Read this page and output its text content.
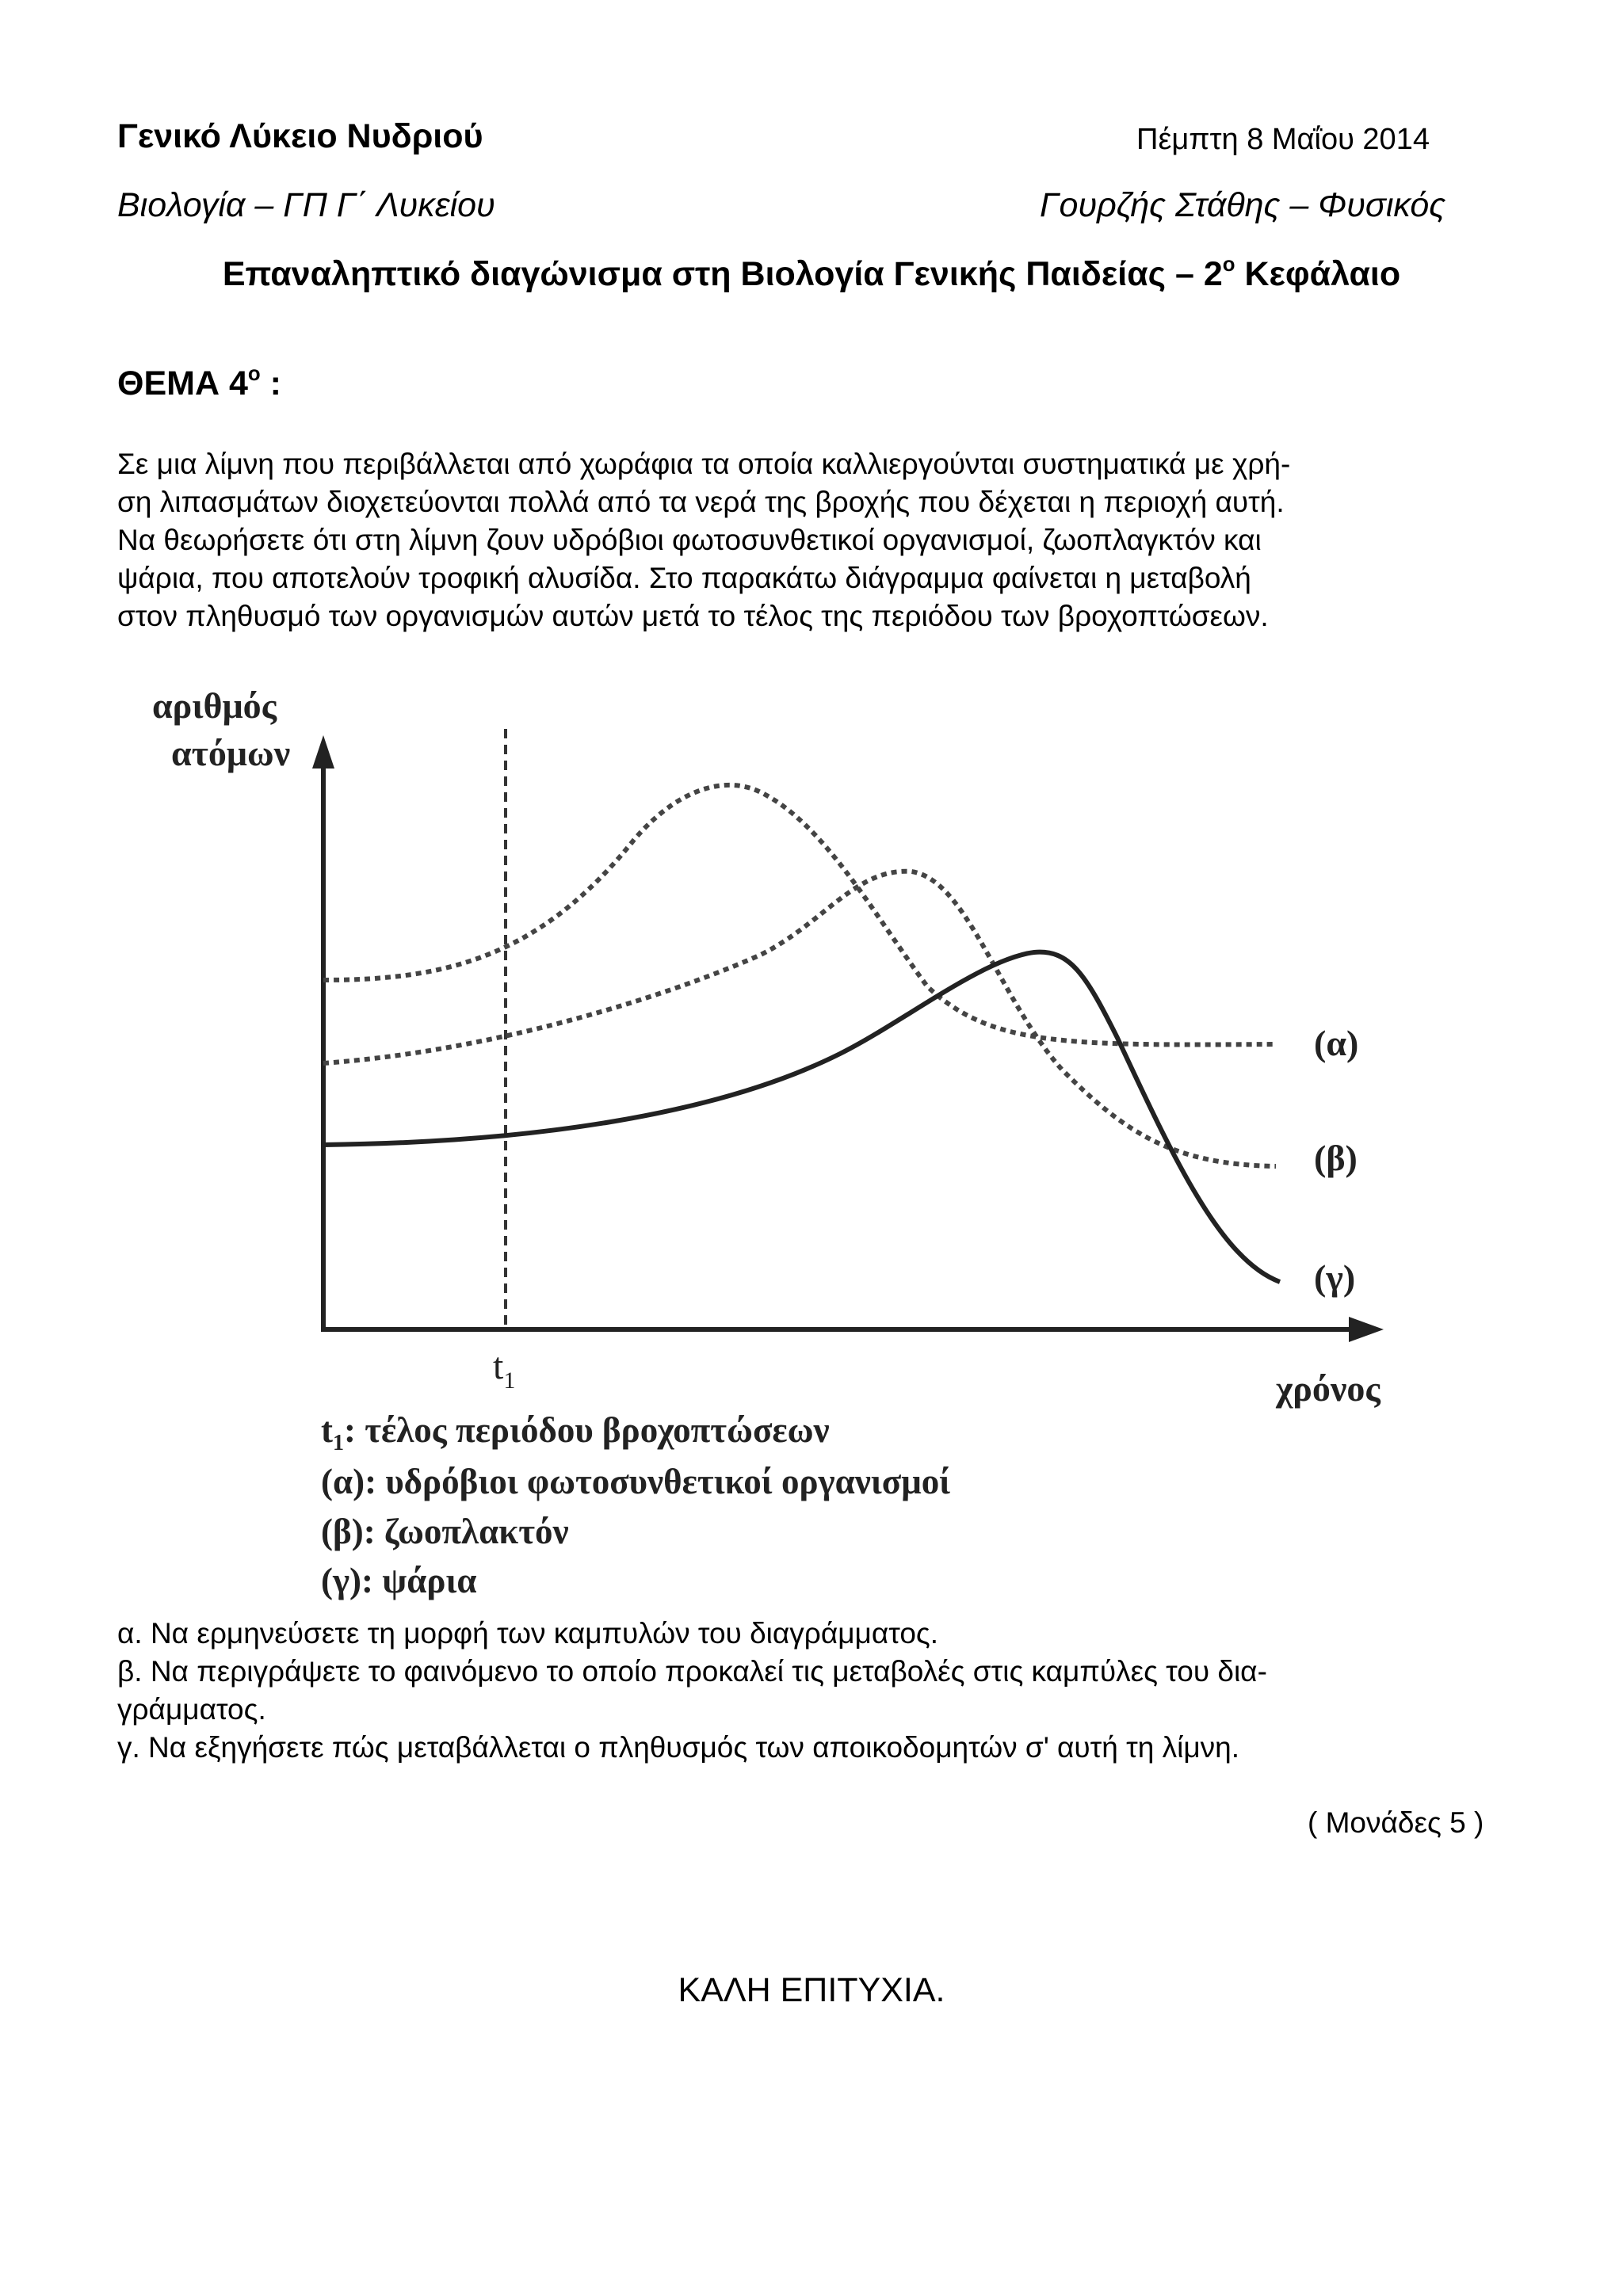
Γενικό Λύκειο Νυδριού	Πέμπτη 8 Μαΐου 2014
Βιολογία – ΓΠ Γ΄ Λυκείου	Γουρζής Στάθης – Φυσικός
Επαναληπτικό διαγώνισμα στη Βιολογία Γενικής Παιδείας – $2^o$ Κεφάλαιο
ΘΕΜΑ $4^o$ :
Σε μια λίμνη που περιβάλλεται από χωράφια τα οποία καλλιεργούνται συστηματικά με χρή-
ση λιπασμάτων διοχετεύονται πολλά από τα νερά της βροχής που δέχεται η περιοχή αυτή.
Να θεωρήσετε ότι στη λίμνη ζουν υδρόβιοι φωτοσυνθετικοί οργανισμοί, ζωοπλαγκτόν και
ψάρια, που αποτελούν τροφική αλυσίδα. Στο παρακάτω διάγραμμα φαίνεται η μεταβολή
στον πληθυσμό των οργανισμών αυτών μετά το τέλος της περιόδου των βροχοπτώσεων.
αριθμός
ατόμων
$t_1$
(α)
(β)
(γ)
χρόνος
$t_1$: τέλος περιόδου βροχοπτώσεων
(α): υδρόβιοι φωτοσυνθετικοί οργανισμοί
(β): ζωοπλακτόν
(γ): ψάρια
α. Να ερμηνεύσετε τη μορφή των καμπυλών του διαγράμματος.
β. Να περιγράψετε το φαινόμενο το οποίο προκαλεί τις μεταβολές στις καμπύλες του δια-
γράμματος.
γ. Να εξηγήσετε πώς μεταβάλλεται ο πληθυσμός των αποικοδομητών σ' αυτή τη λίμνη.
( Μονάδες 5 )
ΚΑΛΗ ΕΠΙΤΥΧΙΑ.
